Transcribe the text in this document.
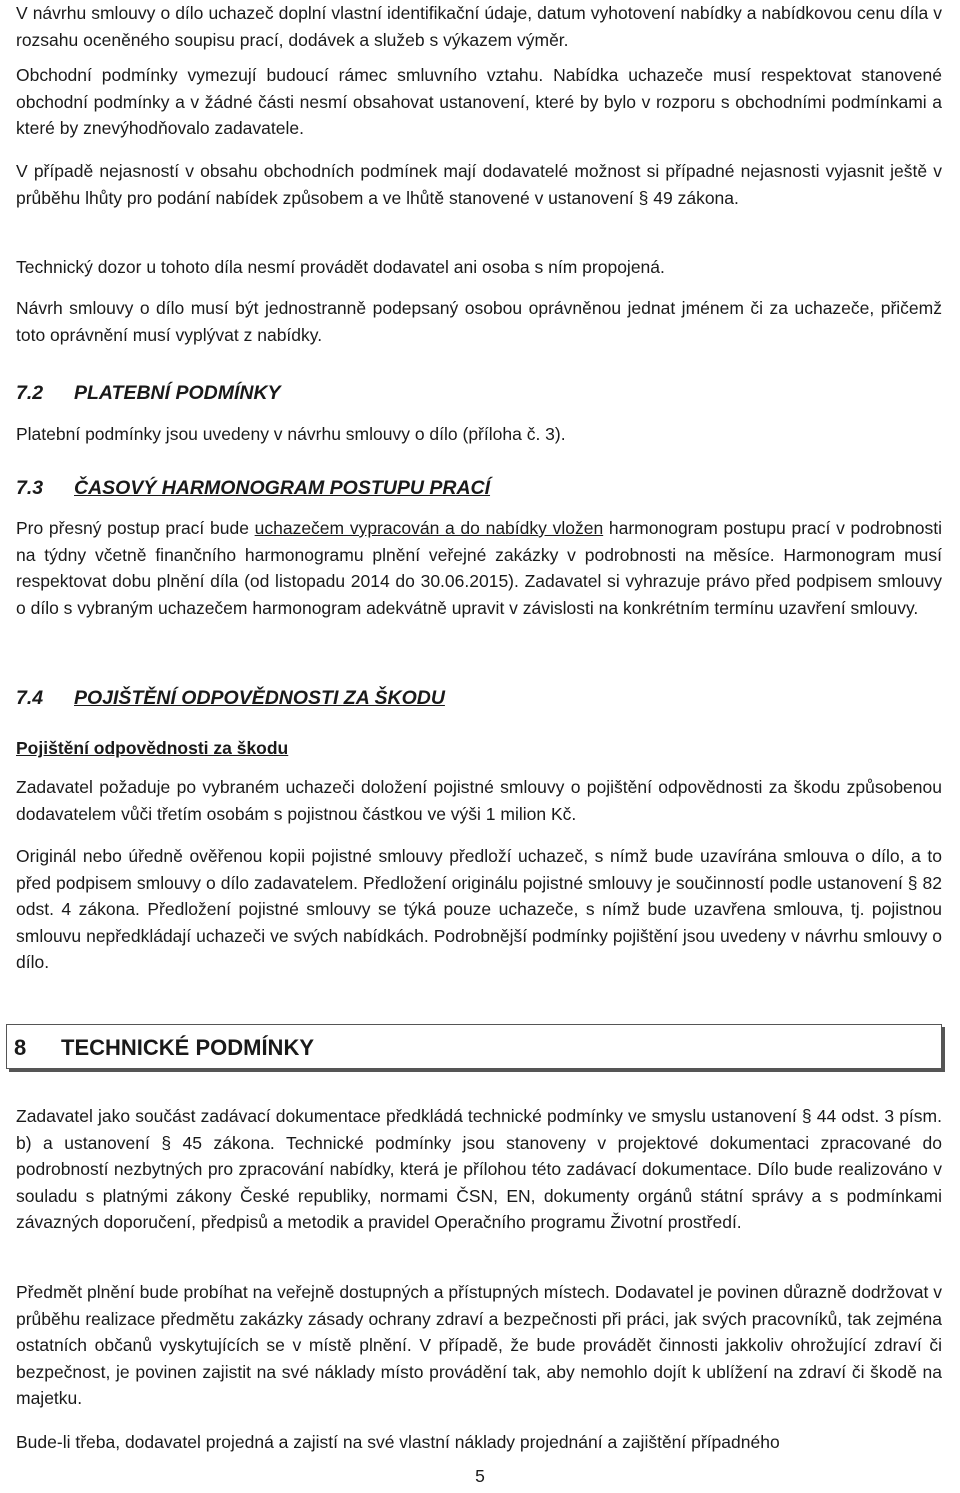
V návrhu smlouvy o dílo uchazeč doplní vlastní identifikační údaje, datum vyhotovení nabídky a nabídkovou cenu díla v rozsahu oceněného soupisu prací, dodávek a služeb s výkazem výměr.

Obchodní podmínky vymezují budoucí rámec smluvního vztahu. Nabídka uchazeče musí respektovat stanovené obchodní podmínky a v žádné části nesmí obsahovat ustanovení, které by bylo v rozporu s obchodními podmínkami a které by znevýhodňovalo zadavatele.

V případě nejasností v obsahu obchodních podmínek mají dodavatelé možnost si případné nejasnosti vyjasnit ještě v průběhu lhůty pro podání nabídek způsobem a ve lhůtě stanovené v ustanovení § 49 zákona.

Technický dozor u tohoto díla nesmí provádět dodavatel ani osoba s ním propojená.

Návrh smlouvy o dílo musí být jednostranně podepsaný osobou oprávněnou jednat jménem či za uchazeče, přičemž toto oprávnění musí vyplývat z nabídky.

7.2	PLATEBNÍ PODMÍNKY

Platební podmínky jsou uvedeny v návrhu smlouvy o dílo (příloha č. 3).

7.3	ČASOVÝ HARMONOGRAM POSTUPU PRACÍ

Pro přesný postup prací bude uchazečem vypracován a do nabídky vložen harmonogram postupu prací v podrobnosti na týdny včetně finančního harmonogramu plnění veřejné zakázky v podrobnosti na měsíce. Harmonogram musí respektovat dobu plnění díla (od listopadu 2014 do 30.06.2015). Zadavatel si vyhrazuje právo před podpisem smlouvy o dílo s vybraným uchazečem harmonogram adekvátně upravit v závislosti na konkrétním termínu uzavření smlouvy.

7.4	POJIŠTĚNÍ ODPOVĚDNOSTI ZA ŠKODU
Pojištění odpovědnosti za škodu

Zadavatel požaduje po vybraném uchazeči doložení pojistné smlouvy o pojištění odpovědnosti za škodu způsobenou dodavatelem vůči třetím osobám s pojistnou částkou ve výši 1 milion Kč.

Originál nebo úředně ověřenou kopii pojistné smlouvy předloží uchazeč, s nímž bude uzavírána smlouva o dílo, a to před podpisem smlouvy o dílo zadavatelem. Předložení originálu pojistné smlouvy je součinností podle ustanovení § 82 odst. 4 zákona. Předložení pojistné smlouvy se týká pouze uchazeče, s nímž bude uzavřena smlouva, tj. pojistnou smlouvu nepředkládají uchazeči ve svých nabídkách. Podrobnější podmínky pojištění jsou uvedeny v návrhu smlouvy o dílo.

Zadavatel jako součást zadávací dokumentace předkládá technické podmínky ve smyslu ustanovení § 44 odst. 3 písm. b) a ustanovení § 45 zákona. Technické podmínky jsou stanoveny v projektové dokumentaci zpracované do podrobností nezbytných pro zpracování nabídky, která je přílohou této zadávací dokumentace. Dílo bude realizováno v souladu s platnými zákony České republiky, normami ČSN, EN, dokumenty orgánů státní správy a s podmínkami závazných doporučení, předpisů a metodik a pravidel Operačního programu Životní prostředí.

Předmět plnění bude probíhat na veřejně dostupných a přístupných místech. Dodavatel je povinen důrazně dodržovat v průběhu realizace předmětu zakázky zásady ochrany zdraví a bezpečnosti při práci, jak svých pracovníků, tak zejména ostatních občanů vyskytujících se v místě plnění. V případě, že bude provádět činnosti jakkoliv ohrožující zdraví či bezpečnost, je povinen zajistit na své náklady místo provádění tak, aby nemohlo dojít k ublížení na zdraví či škodě na majetku.

Bude-li třeba, dodavatel projedná a zajistí na své vlastní náklady projednání a zajištění případného

8 TECHNICKÉ PODMÍNKY
5
